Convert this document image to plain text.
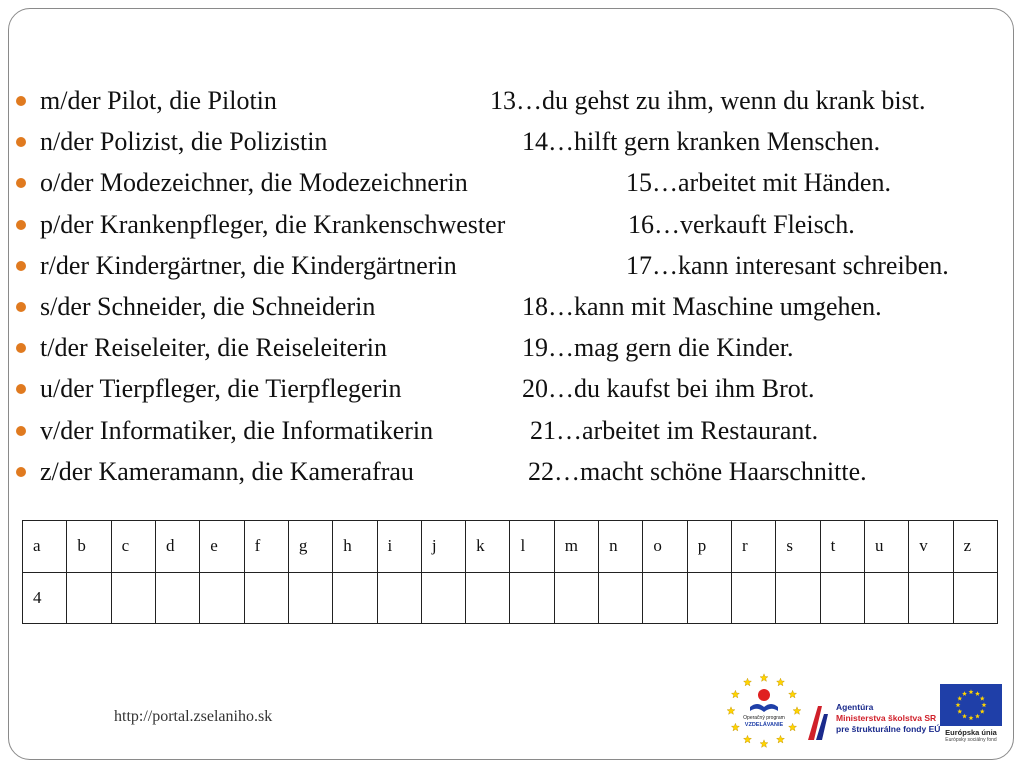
m/der Pilot, die Pilotin	13…du gehst zu ihm, wenn du krank bist.
n/der Polizist, die Polizistin	14…hilft gern kranken Menschen.
o/der Modezeichner, die Modezeichnerin	15…arbeitet mit Händen.
p/der Krankenpfleger, die Krankenschwester	16…verkauft Fleisch.
r/der Kindergärtner, die Kindergärtnerin	17…kann interesant schreiben.
s/der Schneider, die Schneiderin	18…kann mit Maschine umgehen.
t/der Reiseleiter, die Reiseleiterin	19…mag gern die Kinder.
u/der Tierpfleger, die Tierpflegerin	20…du kaufst bei ihm Brot.
v/der Informatiker, die Informatikerin	21…arbeitet im Restaurant.
z/der Kameramann, die Kamerafrau	22…macht schöne Haarschnitte.
a	b	c	d	e	f	g	h	i	j	k	l	m	n	o	p	r	s	t	u	v	z
4																					
http://portal.zselaniho.sk	Operačný program
VZDELÁVANIE
Agentúra
Ministerstva školstva SR
pre štrukturálne fondy EÚ Európska únia
Európsky sociálny fond
